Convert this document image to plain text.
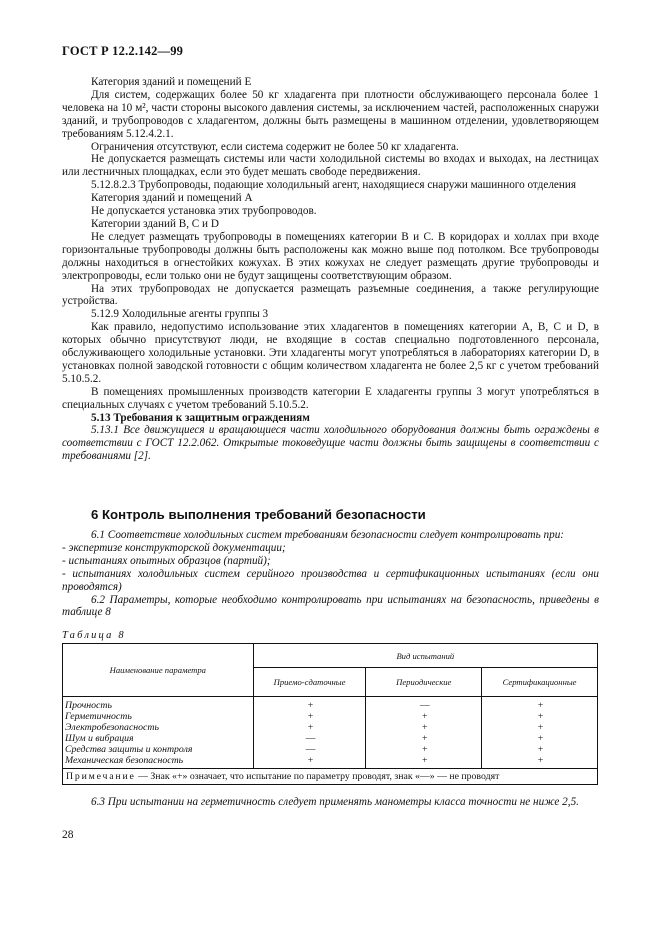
ГОСТ Р 12.2.142—99

Категория зданий и помещений Е

Для систем, содержащих более 50 кг хладагента при плотности обслуживающего персонала более 1 человека на 10 м², части стороны высокого давления системы, за исключением частей, расположенных снаружи зданий, и трубопроводов с хладагентом, должны быть размещены в машинном отделении, удовлетворяющем требованиям 5.12.4.2.1.

Ограничения отсутствуют, если система содержит не более 50 кг хладагента.

Не допускается размещать системы или части холодильной системы во входах и выходах, на лестницах или лестничных площадках, если это будет мешать свободе передвижения.

5.12.8.2.3 Трубопроводы, подающие холодильный агент, находящиеся снаружи машинного отделения

Категория зданий и помещений А

Не допускается установка этих трубопроводов.

Категории зданий В, С и D

Не следует размещать трубопроводы в помещениях категории В и С. В коридорах и холлах при входе горизонтальные трубопроводы должны быть расположены как можно выше под потолком. Все трубопроводы должны находиться в огнестойких кожухах. В этих кожухах не следует размещать другие трубопроводы и электропроводы, если только они не будут защищены соответствующим образом.

На этих трубопроводах не допускается размещать разъемные соединения, а также регулирующие устройства.

5.12.9 Холодильные агенты группы 3

Как правило, недопустимо использование этих хладагентов в помещениях категории А, В, С и D, в которых обычно присутствуют люди, не входящие в состав специально подготовленного персонала, обслуживающего холодильные установки. Эти хладагенты могут употребляться в лабораториях категории D, в установках полной заводской готовности с общим количеством хладагента не более 2,5 кг с учетом требований 5.10.5.2.

В помещениях промышленных производств категории Е хладагенты группы 3 могут употребляться в специальных случаях с учетом требований 5.10.5.2.

5.13 Требования к защитным ограждениям

5.13.1 Все движущиеся и вращающиеся части холодильного оборудования должны быть ограждены в соответствии с ГОСТ 12.2.062. Открытые токоведущие части должны быть защищены в соответствии с требованиями [2].

6 Контроль выполнения требований безопасности

6.1 Соответствие холодильных систем требованиям безопасности следует контролировать при:

- экспертизе конструкторской документации;

- испытаниях опытных образцов (партий);

- испытаниях холодильных систем серийного производства и сертификационных испытаниях (если они проводятся)

6.2 Параметры, которые необходимо контролировать при испытаниях на безопасность, приведены в таблице 8

Таблица 8
Наименование параметра	Вид испытаний		
	Приемо-сдаточные	Периодические	Сертификационные
Прочность	+	—	+
Герметичность	+	+	+
Электробезопасность	+	+	+
Шум и вибрация	—	+	+
Средства защиты и контроля	—	+	+
Механическая безопасность	+	+	+
Примечание — Знак «+» означает, что испытание по параметру проводят, знак «—» — не проводят			

6.3 При испытании на герметичность следует применять манометры класса точности не ниже 2,5.

28
